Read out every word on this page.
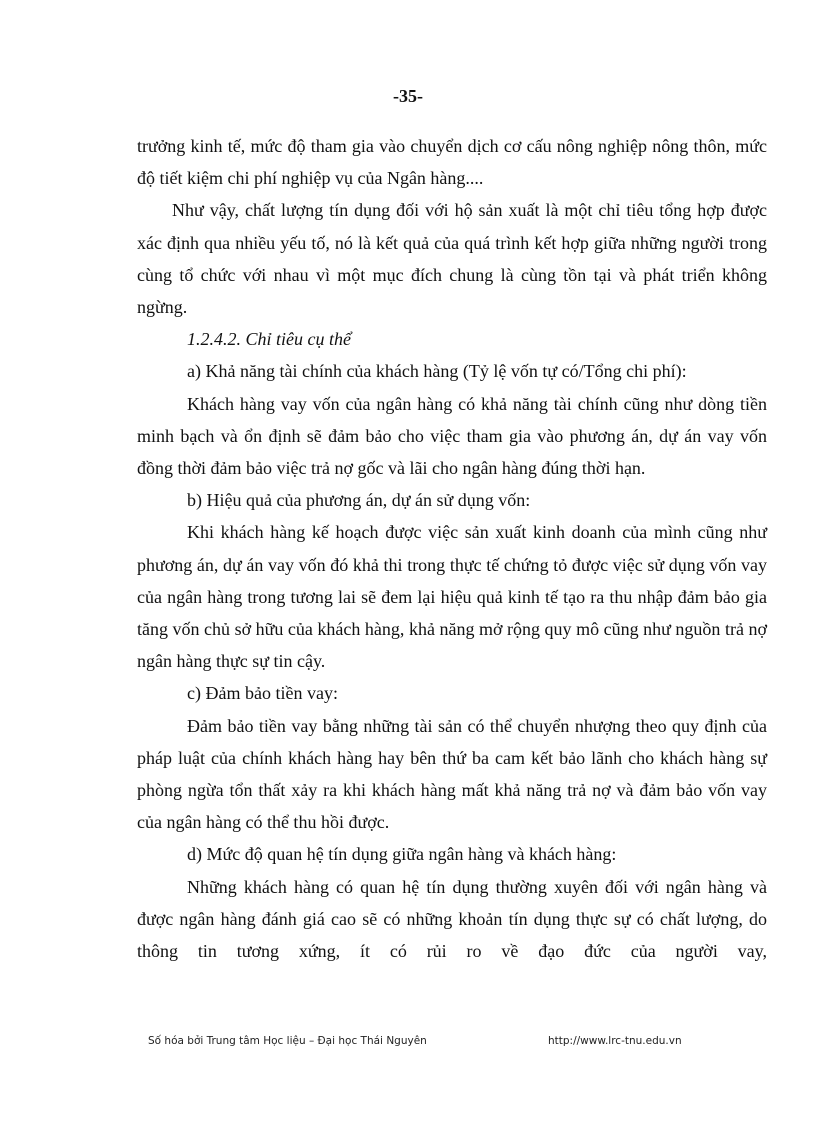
-35-

trưởng kinh tế, mức độ tham gia vào chuyển dịch cơ cấu nông nghiệp nông thôn, mức độ tiết kiệm chi phí nghiệp vụ của Ngân hàng....

Như vậy, chất lượng tín dụng đối với hộ sản xuất là một chỉ tiêu tổng hợp được xác định qua nhiều yếu tố, nó là kết quả của quá trình kết hợp giữa những người trong cùng tổ chức với nhau vì một mục đích chung là cùng tồn tại và phát triển không ngừng.

1.2.4.2. Chỉ tiêu cụ thể

a) Khả năng tài chính của khách hàng (Tỷ lệ vốn tự có/Tổng chi phí):

Khách hàng vay vốn của ngân hàng có khả năng tài chính cũng như dòng tiền minh bạch và ổn định sẽ đảm bảo cho việc tham gia vào phương án, dự án vay vốn đồng thời đảm bảo việc trả nợ gốc và lãi cho ngân hàng đúng thời hạn.

b) Hiệu quả của phương án, dự án sử dụng vốn:

Khi khách hàng kế hoạch được việc sản xuất kinh doanh của mình cũng như phương án, dự án vay vốn đó khả thi trong thực tế chứng tỏ được việc sử dụng vốn vay của ngân hàng trong tương lai sẽ đem lại hiệu quả kinh tế tạo ra thu nhập đảm bảo gia tăng vốn chủ sở hữu của khách hàng, khả năng mở rộng quy mô cũng như nguồn trả nợ ngân hàng thực sự tin cậy.

c) Đảm bảo tiền vay:

Đảm bảo tiền vay bằng những tài sản có thể chuyển nhượng theo quy định của pháp luật của chính khách hàng hay bên thứ ba cam kết bảo lãnh cho khách hàng sự phòng ngừa tổn thất xảy ra khi khách hàng mất khả năng trả nợ và đảm bảo vốn vay của ngân hàng có thể thu hồi được.

d) Mức độ quan hệ tín dụng giữa ngân hàng và khách hàng:

Những khách hàng có quan hệ tín dụng thường xuyên đối với ngân hàng và được ngân hàng đánh giá cao sẽ có những khoản tín dụng thực sự có chất lượng, do thông tin tương xứng, ít có rủi ro về đạo đức của người vay,

Số hóa bởi Trung tâm Học liệu – Đại học Thái Nguyên	http://www.lrc-tnu.edu.vn
